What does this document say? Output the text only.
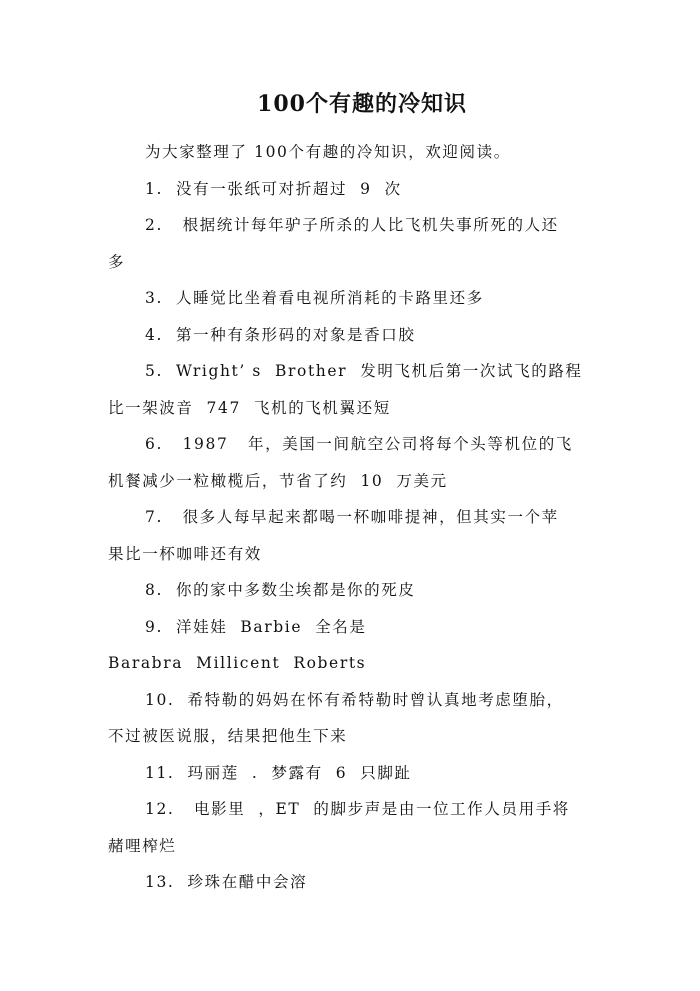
100个有趣的冷知识
为大家整理了 100个有趣的冷知识，欢迎阅读。
1.  没有一张纸可对折超过  9  次
2.   根据统计每年驴子所杀的人比飞机失事所死的人还
多
3.  人睡觉比坐着看电视所消耗的卡路里还多
4.  第一种有条形码的对象是香口胶
5.  Wright’ s  Brother  发明飞机后第一次试飞的路程
比一架波音  747  飞机的飞机翼还短
6.   1987   年，美国一间航空公司将每个头等机位的飞
机餐减少一粒橄榄后，节省了约  10  万美元
7.   很多人每早起来都喝一杯咖啡提神，但其实一个苹
果比一杯咖啡还有效
8.  你的家中多数尘埃都是你的死皮
9.  洋娃娃  Barbie  全名是
Barabra  Millicent  Roberts
10.  希特勒的妈妈在怀有希特勒时曾认真地考虑堕胎，
不过被医说服，结果把他生下来
11.  玛丽莲  .  梦露有  6  只脚趾
12.   电影里  ，ET  的脚步声是由一位工作人员用手将
赭哩榨烂
13.  珍珠在醋中会溶
